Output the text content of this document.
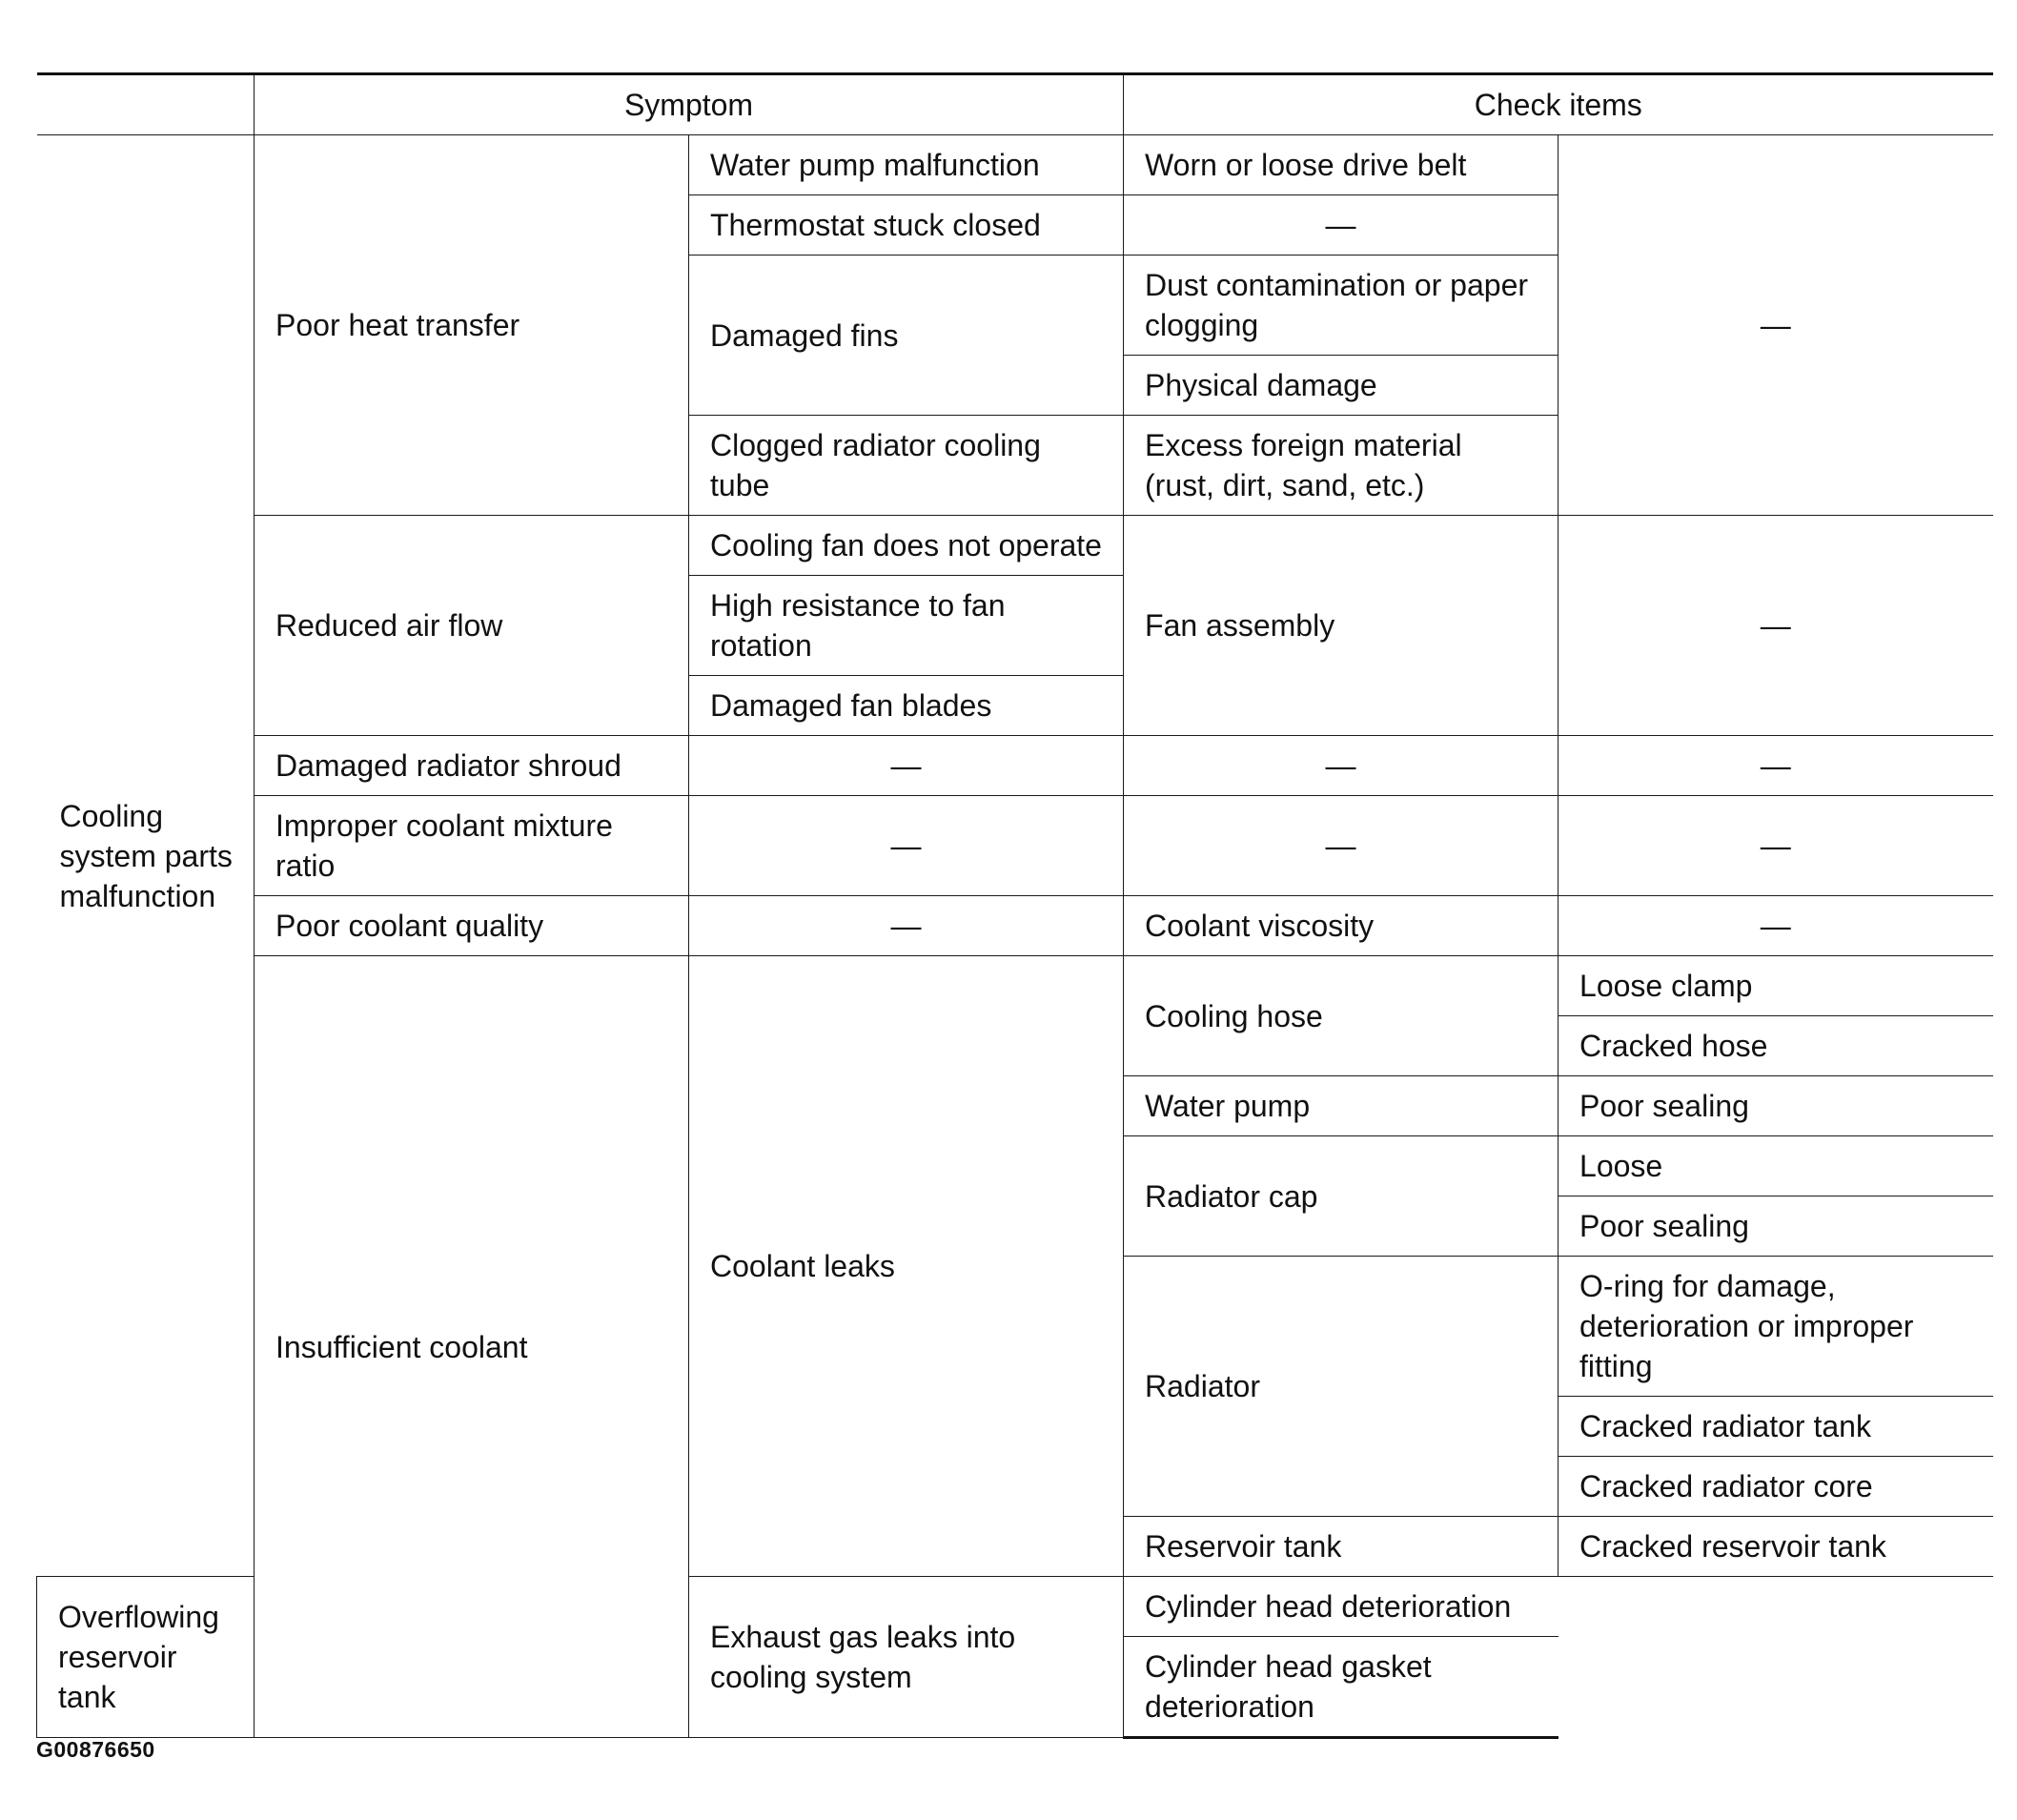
	Symptom		Check items	
Cooling system parts malfunction	Poor heat transfer	Water pump malfunction	Worn or loose drive belt	—
		Thermostat stuck closed	—	
		Damaged fins	Dust contamination or paper clogging	
			Physical damage	
		Clogged radiator cooling tube	Excess foreign material (rust, dirt, sand, etc.)	
	Reduced air flow	Cooling fan does not operate	Fan assembly	—
		High resistance to fan rotation		
		Damaged fan blades		
	Damaged radiator shroud	—	—	—
	Improper coolant mixture ratio	—	—	—
	Poor coolant quality	—	Coolant viscosity	—
	Insufficient coolant	Coolant leaks	Cooling hose	Loose clamp
				Cracked hose
			Water pump	Poor sealing
			Radiator cap	Loose
				Poor sealing
			Radiator	O-ring for damage, deterioration or improper fitting
				Cracked radiator tank
				Cracked radiator core
			Reservoir tank	Cracked reservoir tank
Overflowing reservoir tank		Exhaust gas leaks into cooling system	Cylinder head deterioration	
			Cylinder head gasket deterioration	
G00876650
